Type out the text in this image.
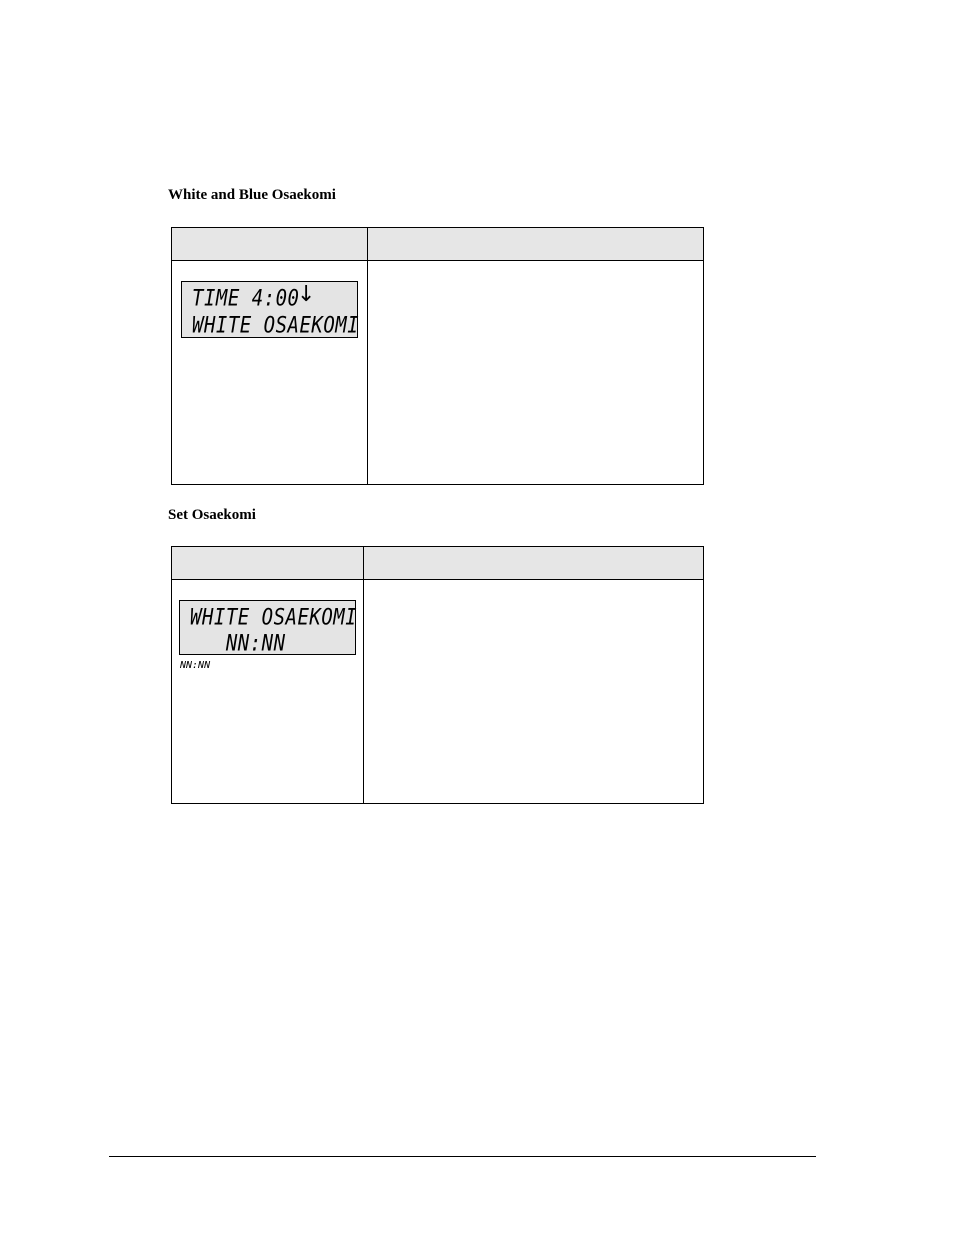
White and Blue Osaekomi
TIME 4:00
↓
WHITE OSAEKOMI
Set Osaekomi
WHITE OSAEKOMI
NN:NN
NN:NN
